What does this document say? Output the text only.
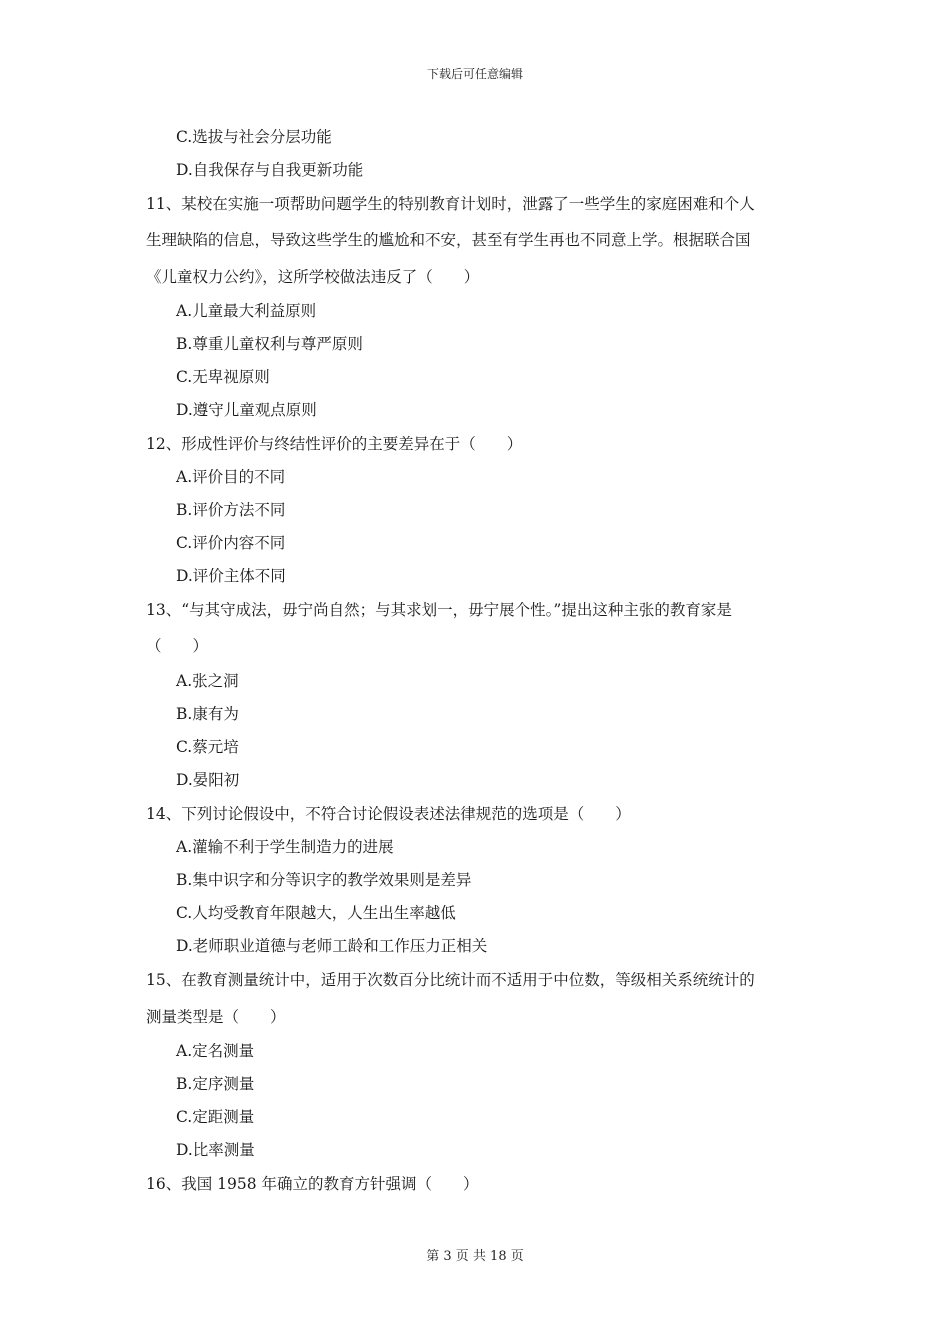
下载后可任意编辑
C.选拔与社会分层功能
D.自我保存与自我更新功能
11、某校在实施一项帮助问题学生的特别教育计划时，泄露了一些学生的家庭困难和个人
生理缺陷的信息，导致这些学生的尴尬和不安，甚至有学生再也不同意上学。根据联合国
《儿童权力公约》，这所学校做法违反了（　　）
A.儿童最大利益原则
B.尊重儿童权利与尊严原则
C.无卑视原则
D.遵守儿童观点原则
12、形成性评价与终结性评价的主要差异在于（　　）
A.评价目的不同
B.评价方法不同
C.评价内容不同
D.评价主体不同
13、“与其守成法，毋宁尚自然；与其求划一，毋宁展个性。”提出这种主张的教育家是
（　　）
A.张之洞
B.康有为
C.蔡元培
D.晏阳初
14、下列讨论假设中，不符合讨论假设表述法律规范的选项是（　　）
A.灌输不利于学生制造力的进展
B.集中识字和分等识字的教学效果则是差异
C.人均受教育年限越大，人生出生率越低
D.老师职业道德与老师工龄和工作压力正相关
15、在教育测量统计中，适用于次数百分比统计而不适用于中位数，等级相关系统统计的
测量类型是（　　）
A.定名测量
B.定序测量
C.定距测量
D.比率测量
16、我国 1958 年确立的教育方针强调（　　）
第 3 页 共 18 页
